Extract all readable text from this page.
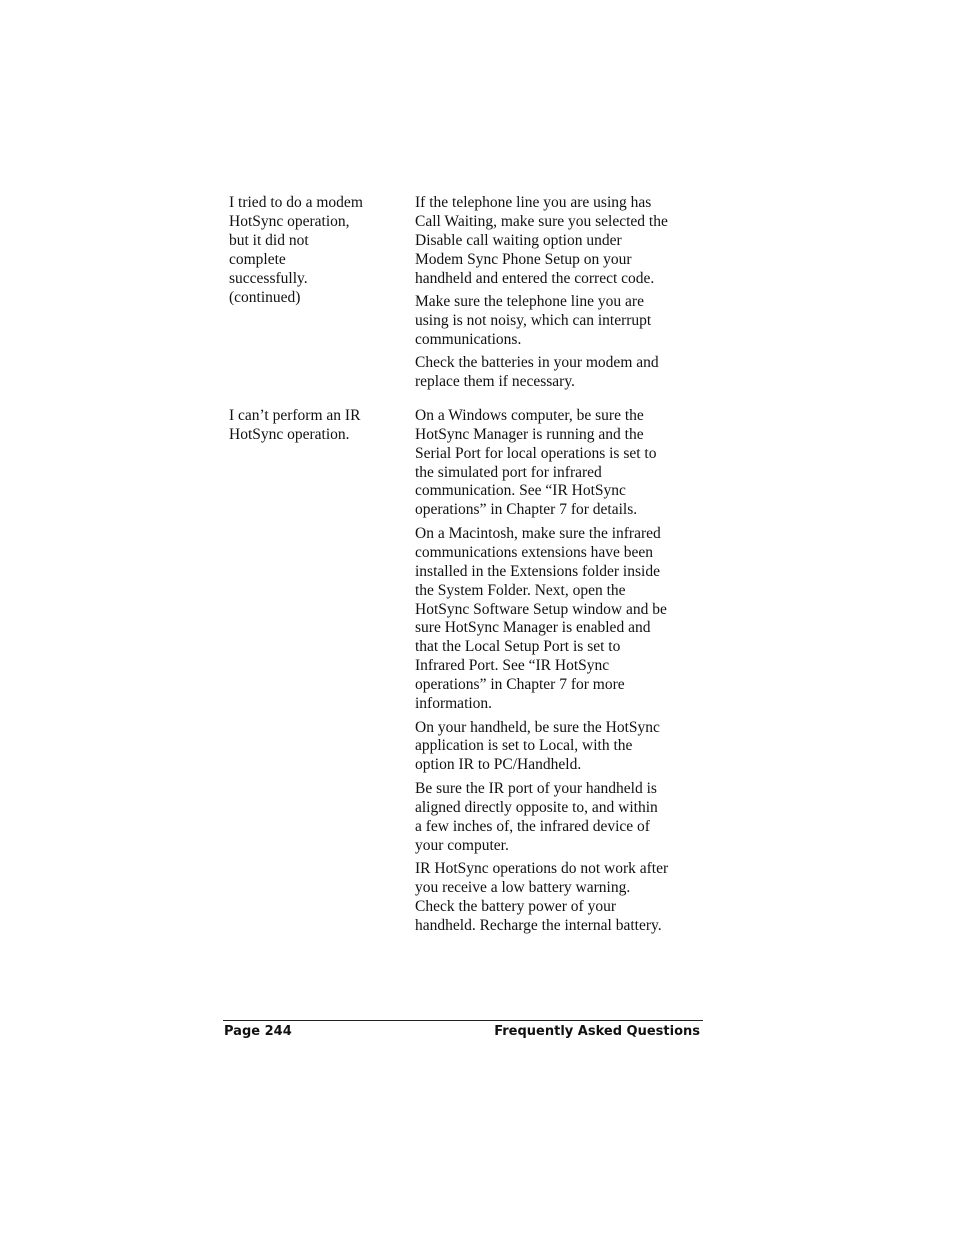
I tried to do a modem
HotSync operation,
but it did not
complete
successfully.
(continued)

If the telephone line you are using has
Call Waiting, make sure you selected the
Disable call waiting option under
Modem Sync Phone Setup on your
handheld and entered the correct code.

Make sure the telephone line you are
using is not noisy, which can interrupt
communications.

Check the batteries in your modem and
replace them if necessary.

I can’t perform an IR
HotSync operation.

On a Windows computer, be sure the
HotSync Manager is running and the
Serial Port for local operations is set to
the simulated port for infrared
communication. See “IR HotSync
operations” in Chapter 7 for details.

On a Macintosh, make sure the infrared
communications extensions have been
installed in the Extensions folder inside
the System Folder. Next, open the
HotSync Software Setup window and be
sure HotSync Manager is enabled and
that the Local Setup Port is set to
Infrared Port. See “IR HotSync
operations” in Chapter 7 for more
information.

On your handheld, be sure the HotSync
application is set to Local, with the
option IR to PC/Handheld.

Be sure the IR port of your handheld is
aligned directly opposite to, and within
a few inches of, the infrared device of
your computer.

IR HotSync operations do not work after
you receive a low battery warning.
Check the battery power of your
handheld. Recharge the internal battery.

Page 244	Frequently Asked Questions
